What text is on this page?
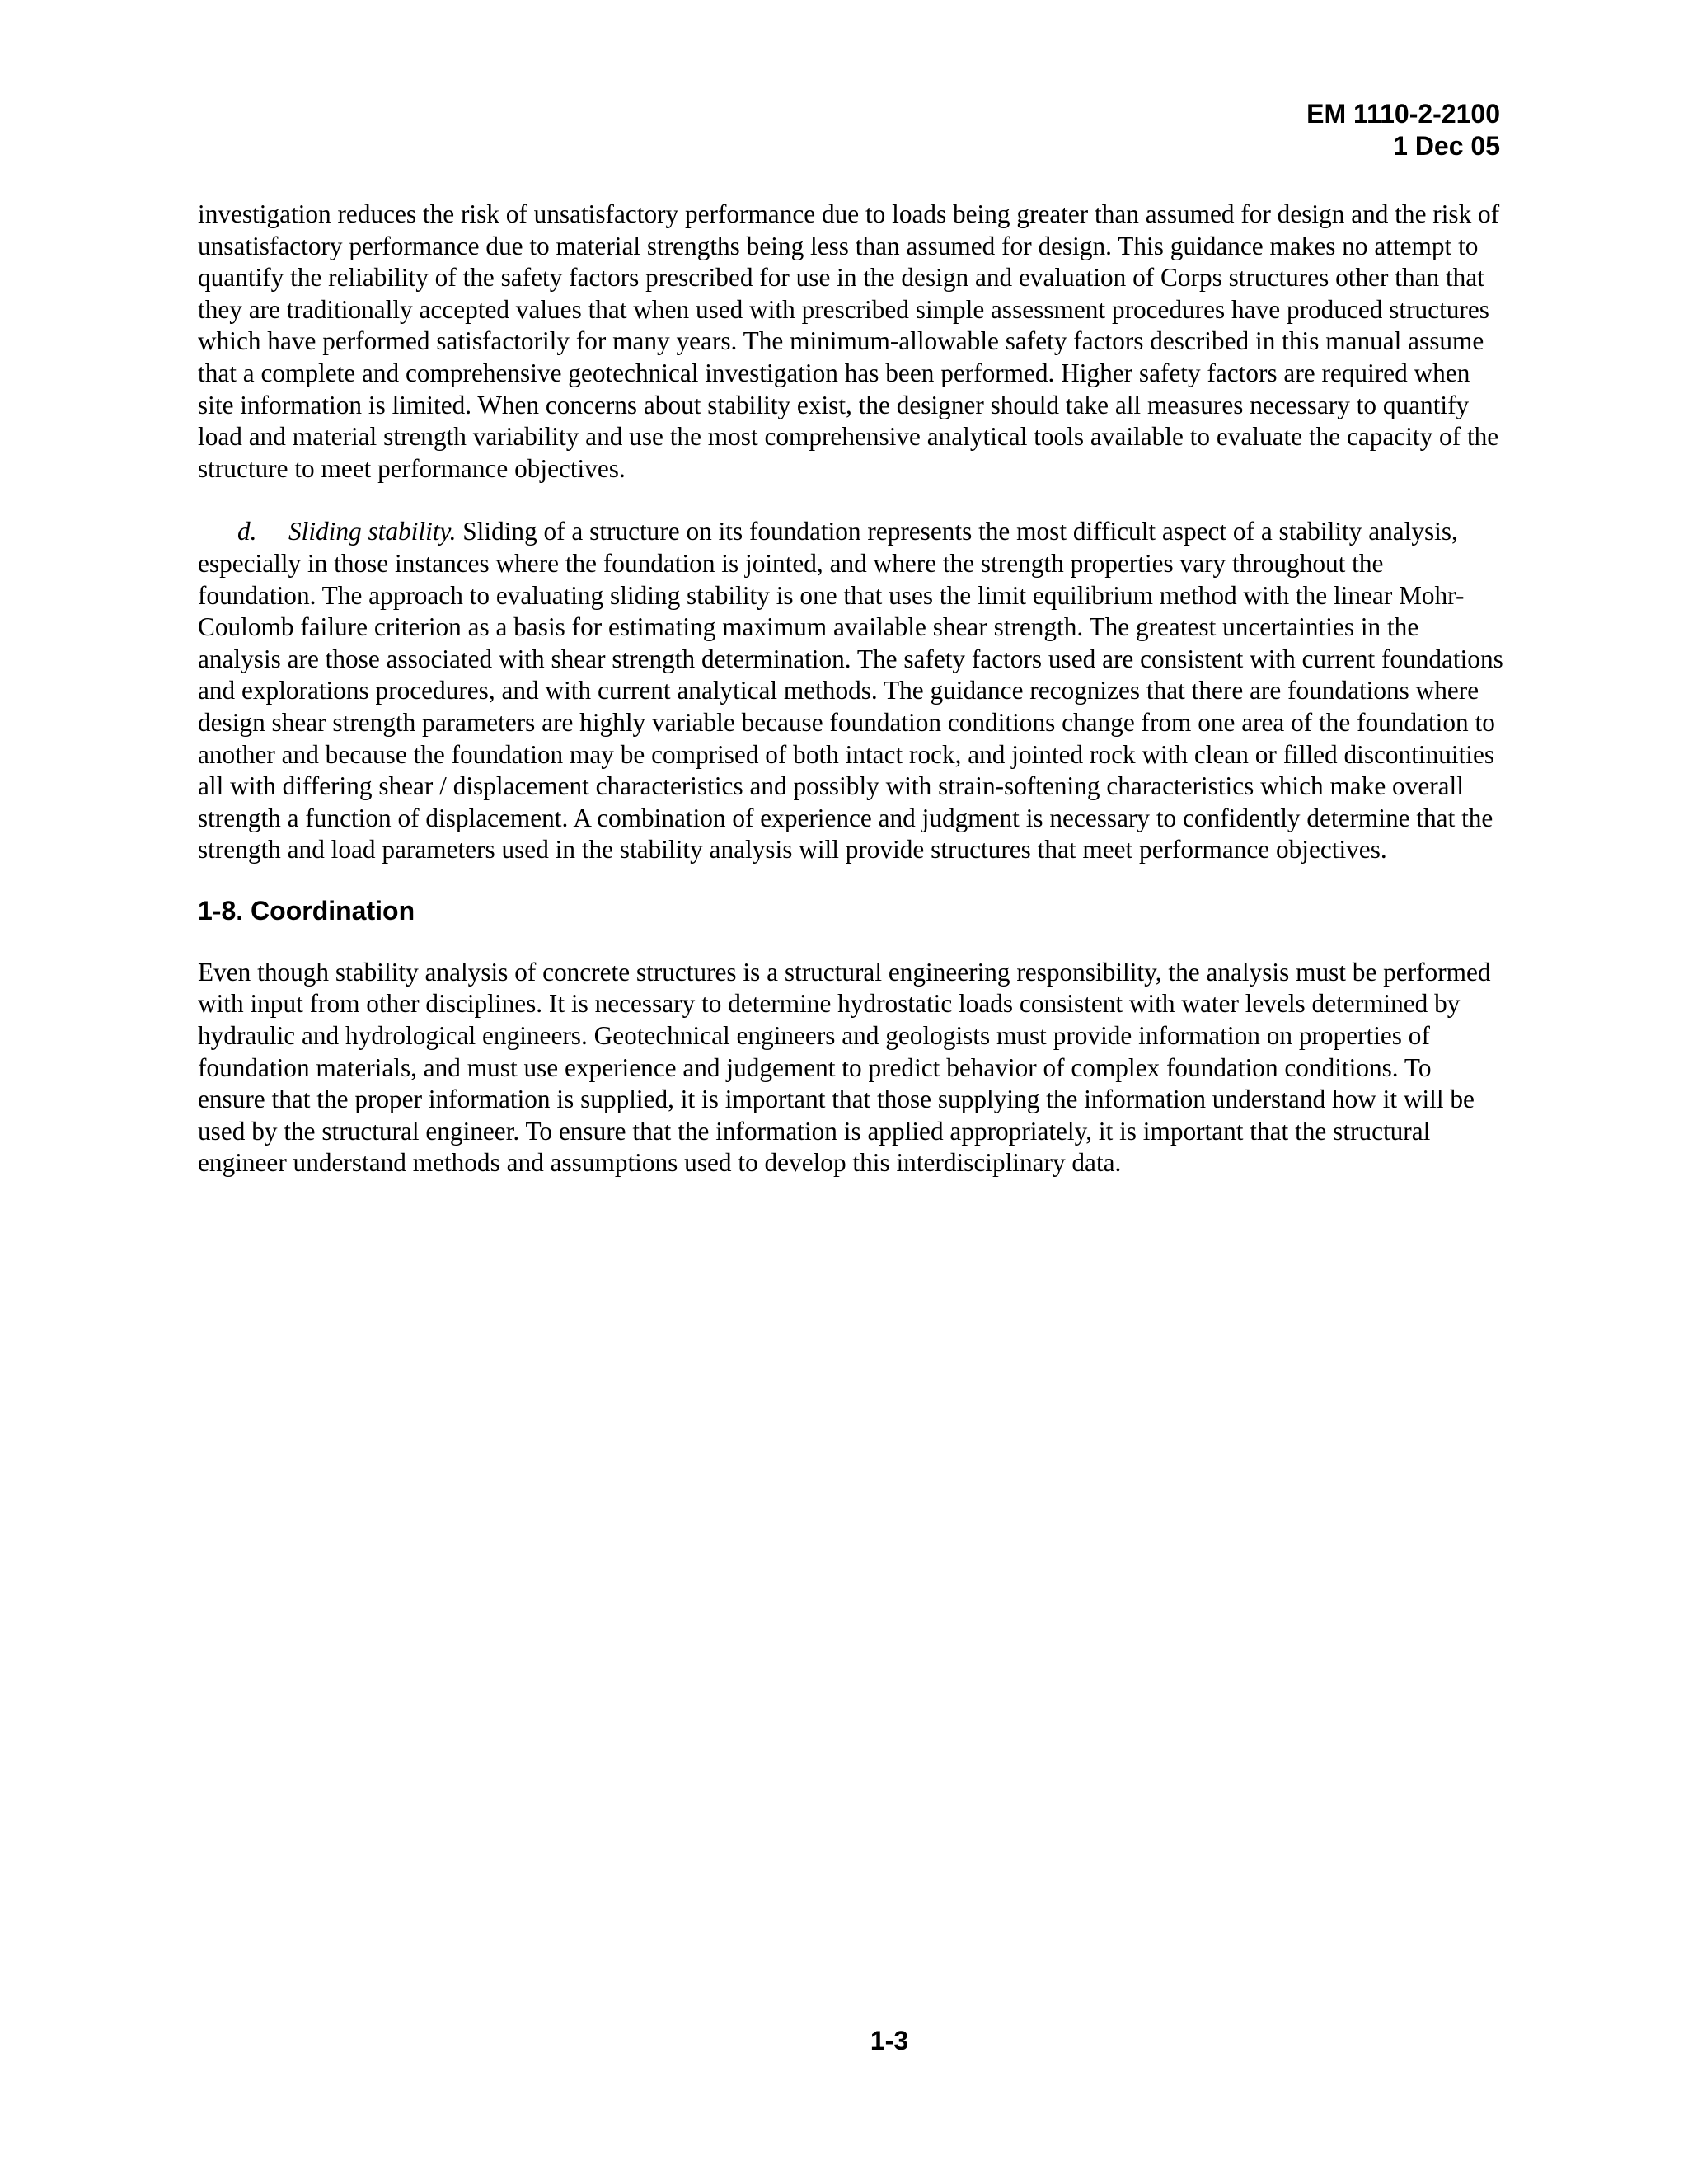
EM 1110-2-2100
1 Dec 05

investigation reduces the risk of unsatisfactory performance due to loads being greater than assumed for design and the risk of unsatisfactory performance due to material strengths being less than assumed for design. This guidance makes no attempt to quantify the reliability of the safety factors prescribed for use in the design and evaluation of Corps structures other than that they are traditionally accepted values that when used with prescribed simple assessment procedures have produced structures which have performed satisfactorily for many years. The minimum-allowable safety factors described in this manual assume that a complete and comprehensive geotechnical investigation has been performed. Higher safety factors are required when site information is limited. When concerns about stability exist, the designer should take all measures necessary to quantify load and material strength variability and use the most comprehensive analytical tools available to evaluate the capacity of the structure to meet performance objectives.

d. Sliding stability. Sliding of a structure on its foundation represents the most difficult aspect of a stability analysis, especially in those instances where the foundation is jointed, and where the strength properties vary throughout the foundation. The approach to evaluating sliding stability is one that uses the limit equilibrium method with the linear Mohr-Coulomb failure criterion as a basis for estimating maximum available shear strength. The greatest uncertainties in the analysis are those associated with shear strength determination. The safety factors used are consistent with current foundations and explorations procedures, and with current analytical methods. The guidance recognizes that there are foundations where design shear strength parameters are highly variable because foundation conditions change from one area of the foundation to another and because the foundation may be comprised of both intact rock, and jointed rock with clean or filled discontinuities all with differing shear / displacement characteristics and possibly with strain-softening characteristics which make overall strength a function of displacement. A combination of experience and judgment is necessary to confidently determine that the strength and load parameters used in the stability analysis will provide structures that meet performance objectives.

1-8. Coordination

Even though stability analysis of concrete structures is a structural engineering responsibility, the analysis must be performed with input from other disciplines. It is necessary to determine hydrostatic loads consistent with water levels determined by hydraulic and hydrological engineers. Geotechnical engineers and geologists must provide information on properties of foundation materials, and must use experience and judgement to predict behavior of complex foundation conditions. To ensure that the proper information is supplied, it is important that those supplying the information understand how it will be used by the structural engineer. To ensure that the information is applied appropriately, it is important that the structural engineer understand methods and assumptions used to develop this interdisciplinary data.

1-3
